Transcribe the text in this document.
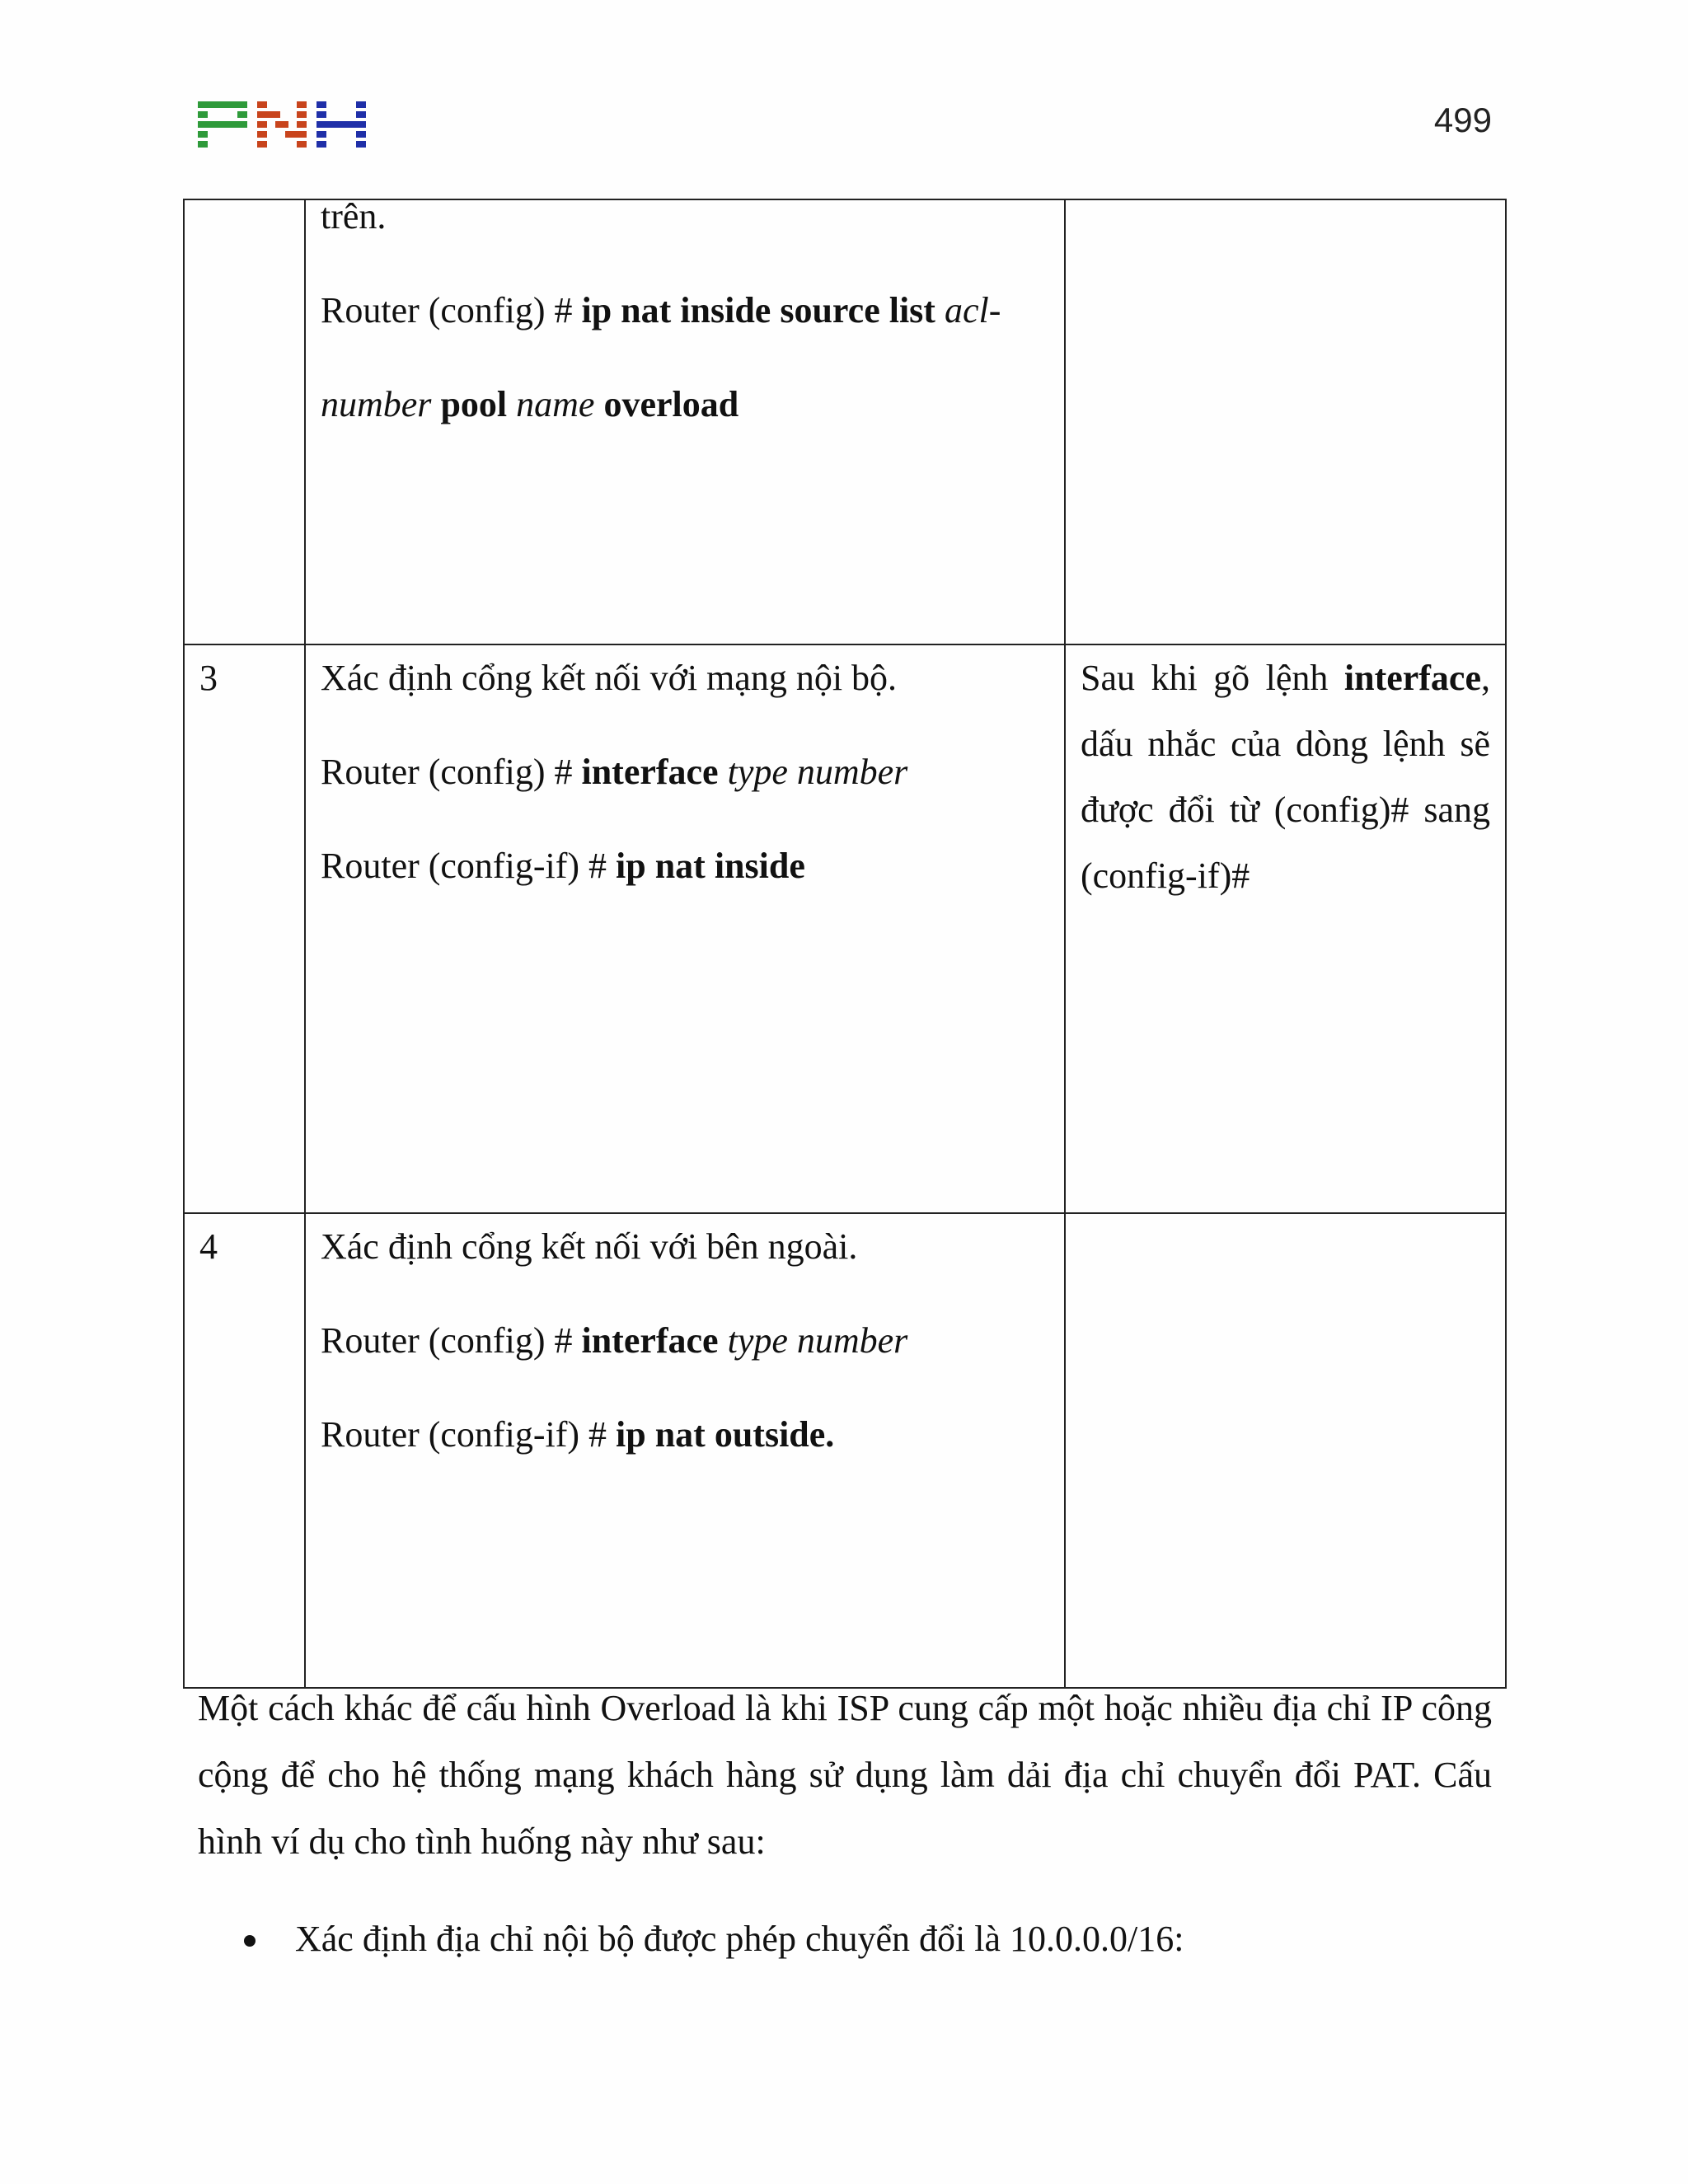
499

	trên.
Router (config) # ip nat inside source list acl-
number pool name overload	

3	Xác định cổng kết nối với mạng nội bộ.
Router (config) # interface type number
Router (config-if) # ip nat inside	Sau khi gõ lệnh interface, dấu nhắc của dòng lệnh sẽ được đổi từ (config)# sang (config-if)#

4	Xác định cổng kết nối với bên ngoài.
Router (config) # interface type number
Router (config-if) # ip nat outside.	

Một cách khác để cấu hình Overload là khi ISP cung cấp một hoặc nhiều địa chỉ IP công cộng để cho hệ thống mạng khách hàng sử dụng làm dải địa chỉ chuyển đổi PAT. Cấu hình ví dụ cho tình huống này như sau:
Xác định địa chỉ nội bộ được phép chuyển đổi là 10.0.0.0/16:
